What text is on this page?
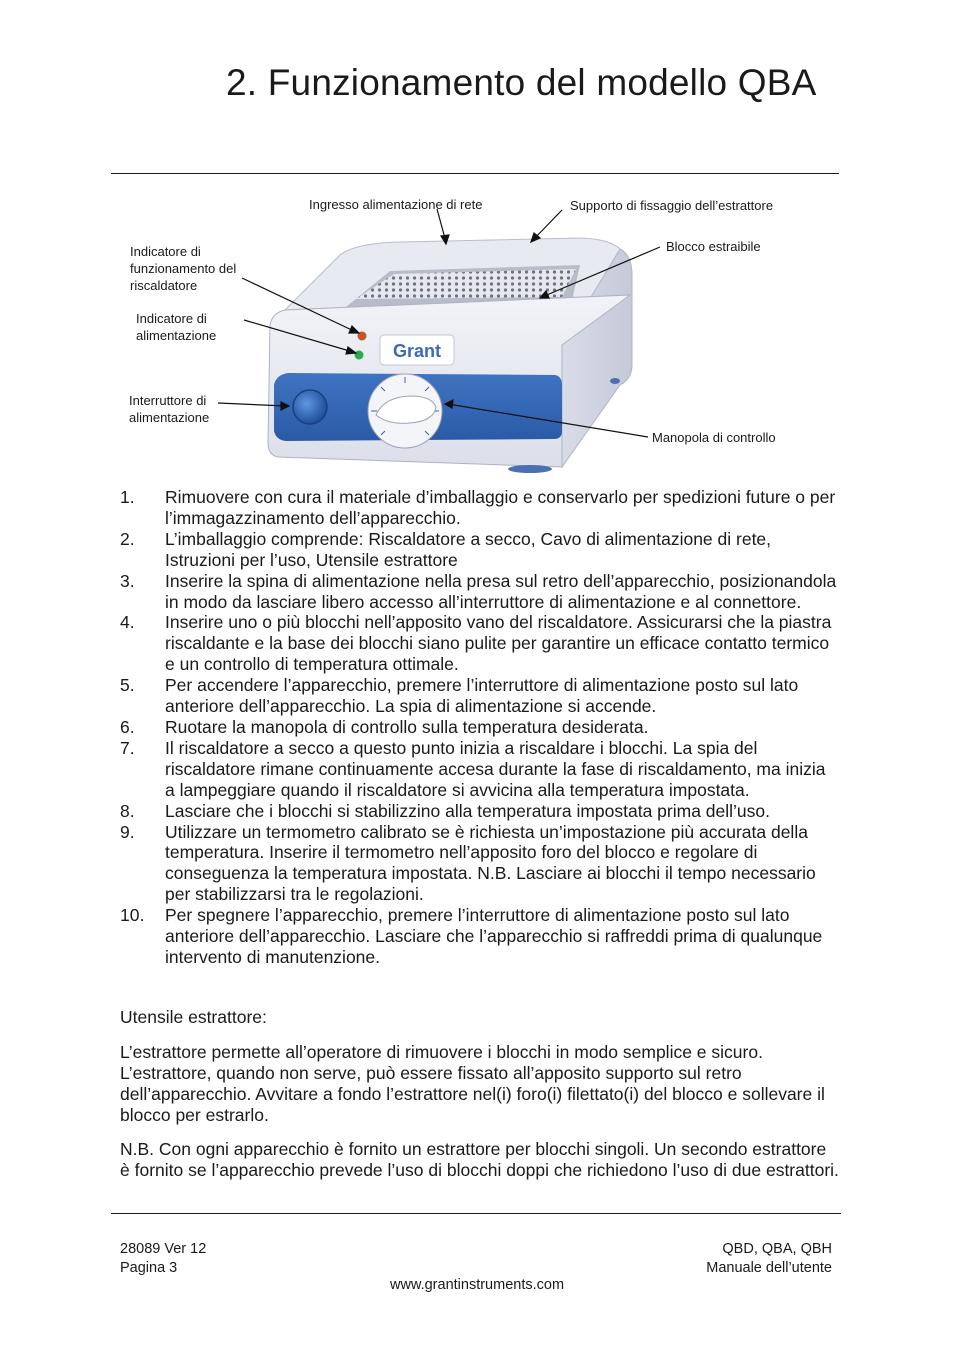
2. Funzionamento del modello QBA
Grant
Ingresso alimentazione di rete	Supporto di fissaggio dell’estrattore
Blocco estraibile
Indicatore di
funzionamento del
riscaldatore
Indicatore di
alimentazione
Interruttore di
alimentazione
Manopola di controllo
1. Rimuovere con cura il materiale d’imballaggio e conservarlo per spedizioni future o per l’immagazzinamento dell’apparecchio.
2. L’imballaggio comprende: Riscaldatore a secco, Cavo di alimentazione di rete, Istruzioni per l’uso, Utensile estrattore
3. Inserire la spina di alimentazione nella presa sul retro dell’apparecchio, posizionandola in modo da lasciare libero accesso all’interruttore di alimentazione e al connettore.
4. Inserire uno o più blocchi nell’apposito vano del riscaldatore. Assicurarsi che la piastra riscaldante e la base dei blocchi siano pulite per garantire un efficace contatto termico e un controllo di temperatura ottimale.
5. Per accendere l’apparecchio, premere l’interruttore di alimentazione posto sul lato anteriore dell’apparecchio. La spia di alimentazione si accende.
6. Ruotare la manopola di controllo sulla temperatura desiderata.
7. Il riscaldatore a secco a questo punto inizia a riscaldare i blocchi. La spia del riscaldatore rimane continuamente accesa durante la fase di riscaldamento, ma inizia a lampeggiare quando il riscaldatore si avvicina alla temperatura impostata.
8. Lasciare che i blocchi si stabilizzino alla temperatura impostata prima dell’uso.
9. Utilizzare un termometro calibrato se è richiesta un’impostazione più accurata della temperatura. Inserire il termometro nell’apposito foro del blocco e regolare di conseguenza la temperatura impostata. N.B. Lasciare ai blocchi il tempo necessario per stabilizzarsi tra le regolazioni.
10. Per spegnere l’apparecchio, premere l’interruttore di alimentazione posto sul lato anteriore dell’apparecchio. Lasciare che l’apparecchio si raffreddi prima di qualunque intervento di manutenzione.

Utensile estrattore:

L’estrattore permette all’operatore di rimuovere i blocchi in modo semplice e sicuro. L’estrattore, quando non serve, può essere fissato all’apposito supporto sul retro dell’apparecchio. Avvitare a fondo l’estrattore nel(i) foro(i) filettato(i) del blocco e sollevare il blocco per estrarlo.

N.B. Con ogni apparecchio è fornito un estrattore per blocchi singoli. Un secondo estrattore è fornito se l’apparecchio prevede l’uso di blocchi doppi che richiedono l’uso di due estrattori.

28089 Ver 12
Pagina 3
QBD, QBA, QBH
Manuale dell’utente
www.grantinstruments.com
